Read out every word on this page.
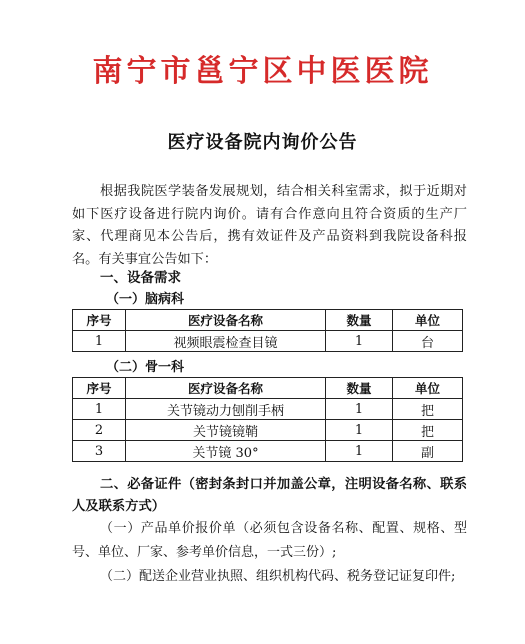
南宁市邕宁区中医医院
医疗设备院内询价公告
根据我院医学装备发展规划，结合相关科室需求，拟于近期对如下医疗设备进行院内询价。请有合作意向且符合资质的生产厂家、代理商见本公告后，携有效证件及产品资料到我院设备科报名。有关事宜公告如下：
一、设备需求
（一）脑病科
序号	医疗设备名称	数量	单位
1	视频眼震检查目镜	1	台
（二）骨一科
序号	医疗设备名称	数量	单位
1	关节镜动力刨削手柄	1	把
2	关节镜镜鞘	1	把
3	关节镜 30°	1	副
二、必备证件（密封条封口并加盖公章，注明设备名称、联系人及联系方式）
（一）产品单价报价单（必须包含设备名称、配置、规格、型号、单位、厂家、参考单价信息，一式三份）;
（二）配送企业营业执照、组织机构代码、税务登记证复印件;
